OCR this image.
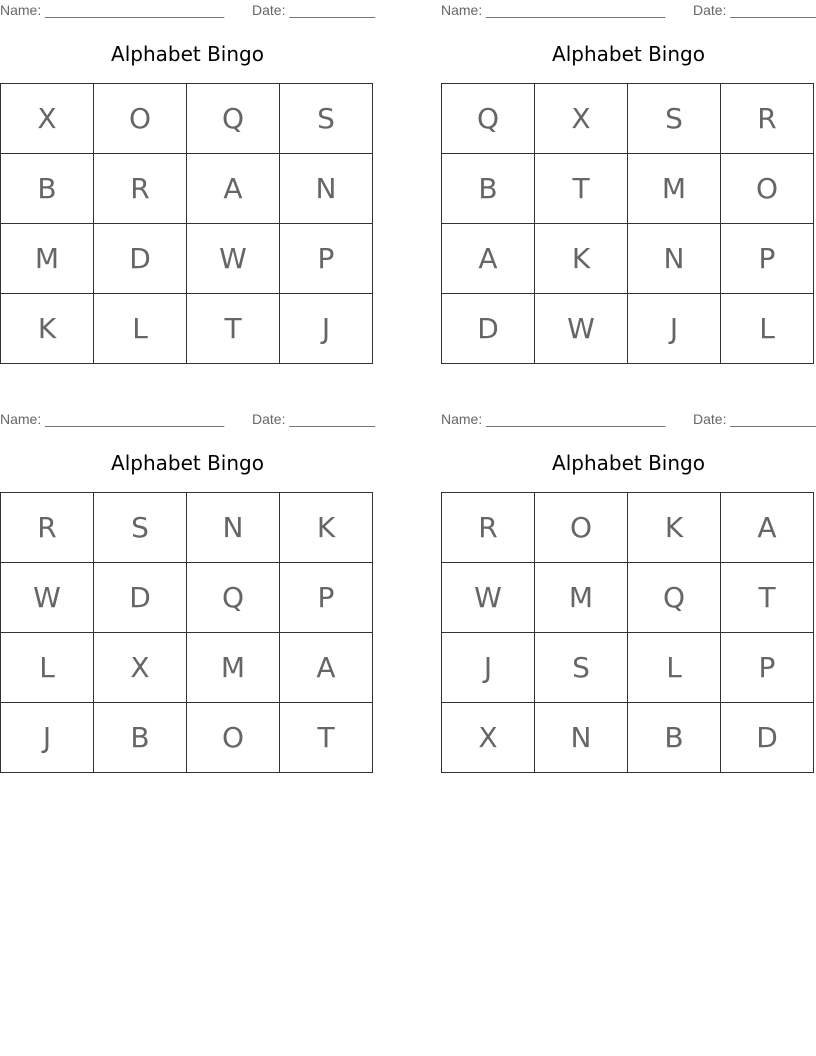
Name: _______________________ Date: ___________
Alphabet Bingo
X	O	Q	S
B	R	A	N
M	D	W	P
K	L	T	J
Name: _______________________ Date: ___________
Alphabet Bingo
Q	X	S	R
B	T	M	O
A	K	N	P
D	W	J	L
Name: _______________________ Date: ___________
Alphabet Bingo
R	S	N	K
W	D	Q	P
L	X	M	A
J	B	O	T
Name: _______________________ Date: ___________
Alphabet Bingo
R	O	K	A
W	M	Q	T
J	S	L	P
X	N	B	D
